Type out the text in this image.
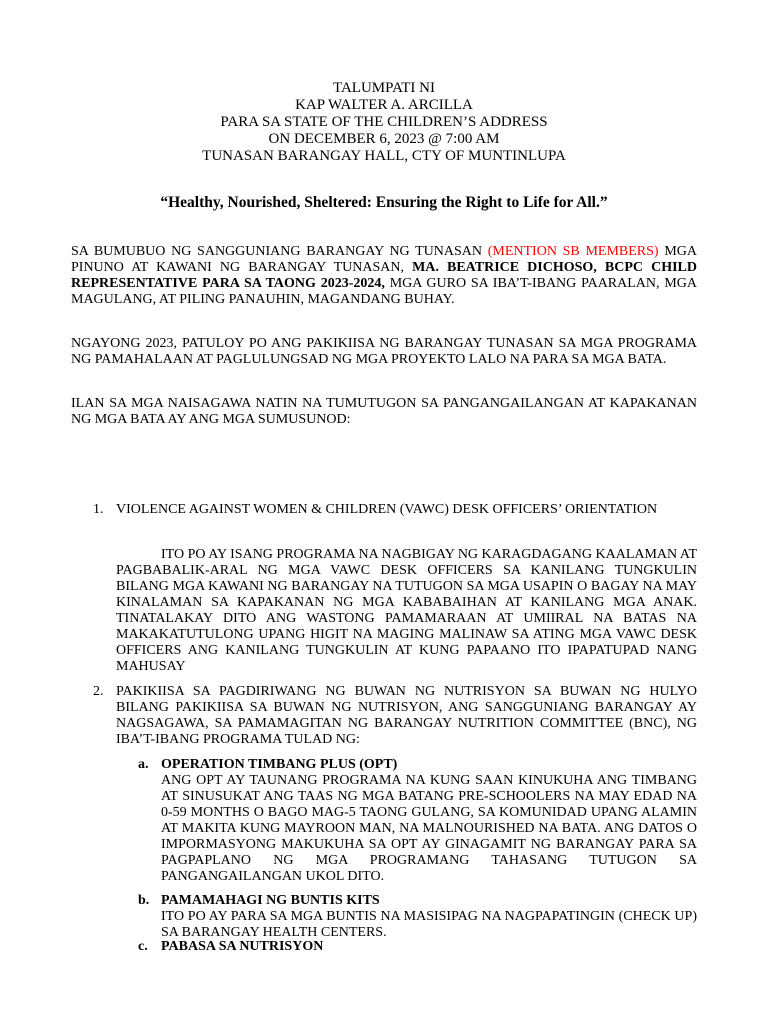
TALUMPATI NI
KAP WALTER A. ARCILLA
PARA SA STATE OF THE CHILDREN’S ADDRESS
ON DECEMBER 6, 2023 @ 7:00 AM
TUNASAN BARANGAY HALL, CTY OF MUNTINLUPA
“Healthy, Nourished, Sheltered: Ensuring the Right to Life for All.”
SA BUMUBUO NG SANGGUNIANG BARANGAY NG TUNASAN (MENTION SB MEMBERS) MGA PINUNO AT KAWANI NG BARANGAY TUNASAN, MA. BEATRICE DICHOSO, BCPC CHILD REPRESENTATIVE PARA SA TAONG 2023-2024, MGA GURO SA IBA’T-IBANG PAARALAN, MGA MAGULANG, AT PILING PANAUHIN, MAGANDANG BUHAY.
NGAYONG 2023, PATULOY PO ANG PAKIKIISA NG BARANGAY TUNASAN SA MGA PROGRAMA NG PAMAHALAAN AT PAGLULUNGSAD NG MGA PROYEKTO LALO NA PARA SA MGA BATA.
ILAN SA MGA NAISAGAWA NATIN NA TUMUTUGON SA PANGANGAILANGAN AT KAPAKANAN NG MGA BATA AY ANG MGA SUMUSUNOD:
1. VIOLENCE AGAINST WOMEN & CHILDREN (VAWC) DESK OFFICERS’ ORIENTATION
ITO PO AY ISANG PROGRAMA NA NAGBIGAY NG KARAGDAGANG KAALAMAN AT PAGBABALIK-ARAL NG MGA VAWC DESK OFFICERS SA KANILANG TUNGKULIN BILANG MGA KAWANI NG BARANGAY NA TUTUGON SA MGA USAPIN O BAGAY NA MAY KINALAMAN SA KAPAKANAN NG MGA KABABAIHAN AT KANILANG MGA ANAK. TINATALAKAY DITO ANG WASTONG PAMAMARAAN AT UMIIRAL NA BATAS NA MAKAKATUTULONG UPANG HIGIT NA MAGING MALINAW SA ATING MGA VAWC DESK OFFICERS ANG KANILANG TUNGKULIN AT KUNG PAPAANO ITO IPAPATUPAD NANG MAHUSAY
2. PAKIKIISA SA PAGDIRIWANG NG BUWAN NG NUTRISYON SA BUWAN NG HULYO BILANG PAKIKIISA SA BUWAN NG NUTRISYON, ANG SANGGUNIANG BARANGAY AY NAGSAGAWA, SA PAMAMAGITAN NG BARANGAY NUTRITION COMMITTEE (BNC), NG IBA’T-IBANG PROGRAMA TULAD NG:
a. OPERATION TIMBANG PLUS (OPT)
ANG OPT AY TAUNANG PROGRAMA NA KUNG SAAN KINUKUHA ANG TIMBANG AT SINUSUKAT ANG TAAS NG MGA BATANG PRE-SCHOOLERS NA MAY EDAD NA 0-59 MONTHS O BAGO MAG-5 TAONG GULANG, SA KOMUNIDAD UPANG ALAMIN AT MAKITA KUNG MAYROON MAN, NA MALNOURISHED NA BATA. ANG DATOS O IMPORMASYONG MAKUKUHA SA OPT AY GINAGAMIT NG BARANGAY PARA SA PAGPAPLANO NG MGA PROGRAMANG TAHASANG TUTUGON SA PANGANGAILANGAN UKOL DITO.
b. PAMAMAHAGI NG BUNTIS KITS
ITO PO AY PARA SA MGA BUNTIS NA MASISIPAG NA NAGPAPATINGIN (CHECK UP) SA BARANGAY HEALTH CENTERS.
c. PABASA SA NUTRISYON
